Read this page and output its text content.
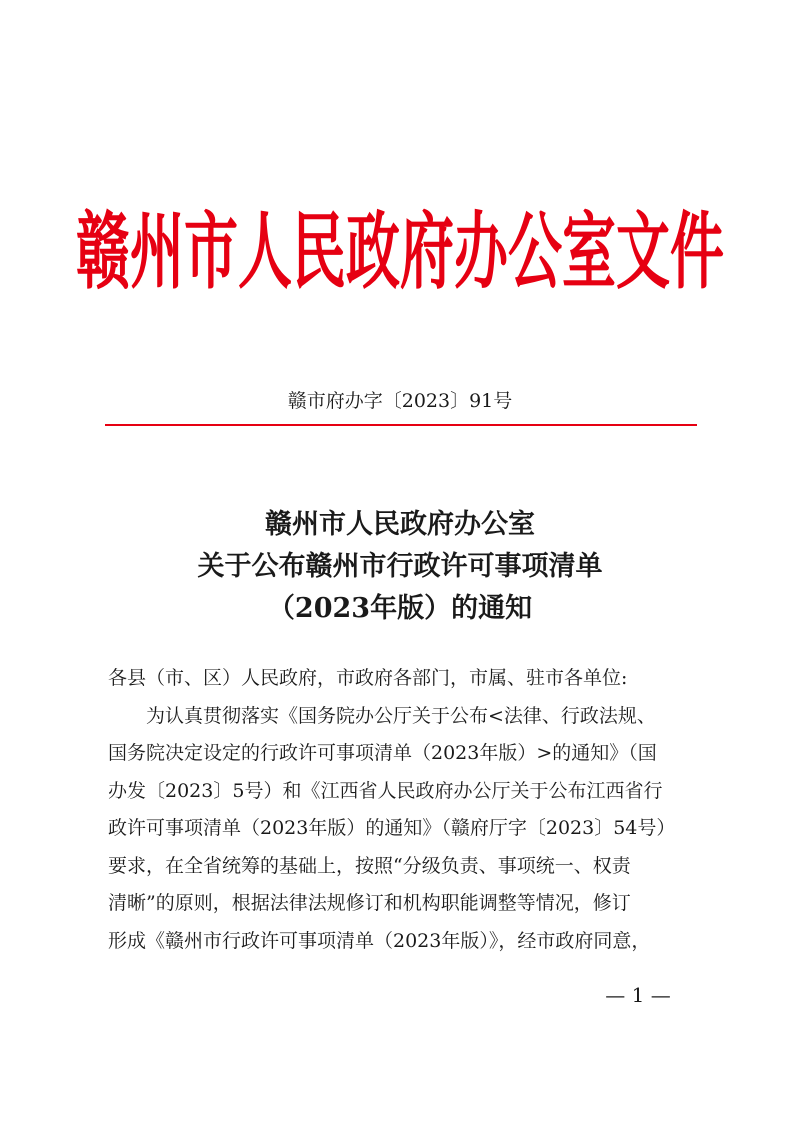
赣州市人民政府办公室文件
赣市府办字〔2023〕91号
赣州市人民政府办公室
关于公布赣州市行政许可事项清单
（2023年版）的通知

各县（市、区）人民政府，市政府各部门，市属、驻市各单位:

为认真贯彻落实《国务院办公厅关于公布<法律、行政法规、

国务院决定设定的行政许可事项清单（2023年版）>的通知》（国

办发〔2023〕5号）和《江西省人民政府办公厅关于公布江西省行

政许可事项清单（2023年版）的通知》（赣府厅字〔2023〕54号）

要求，在全省统筹的基础上，按照“分级负责、事项统一、权责

清晰”的原则，根据法律法规修订和机构职能调整等情况，修订

形成《赣州市行政许可事项清单（2023年版）》，经市政府同意，

— 1 —
